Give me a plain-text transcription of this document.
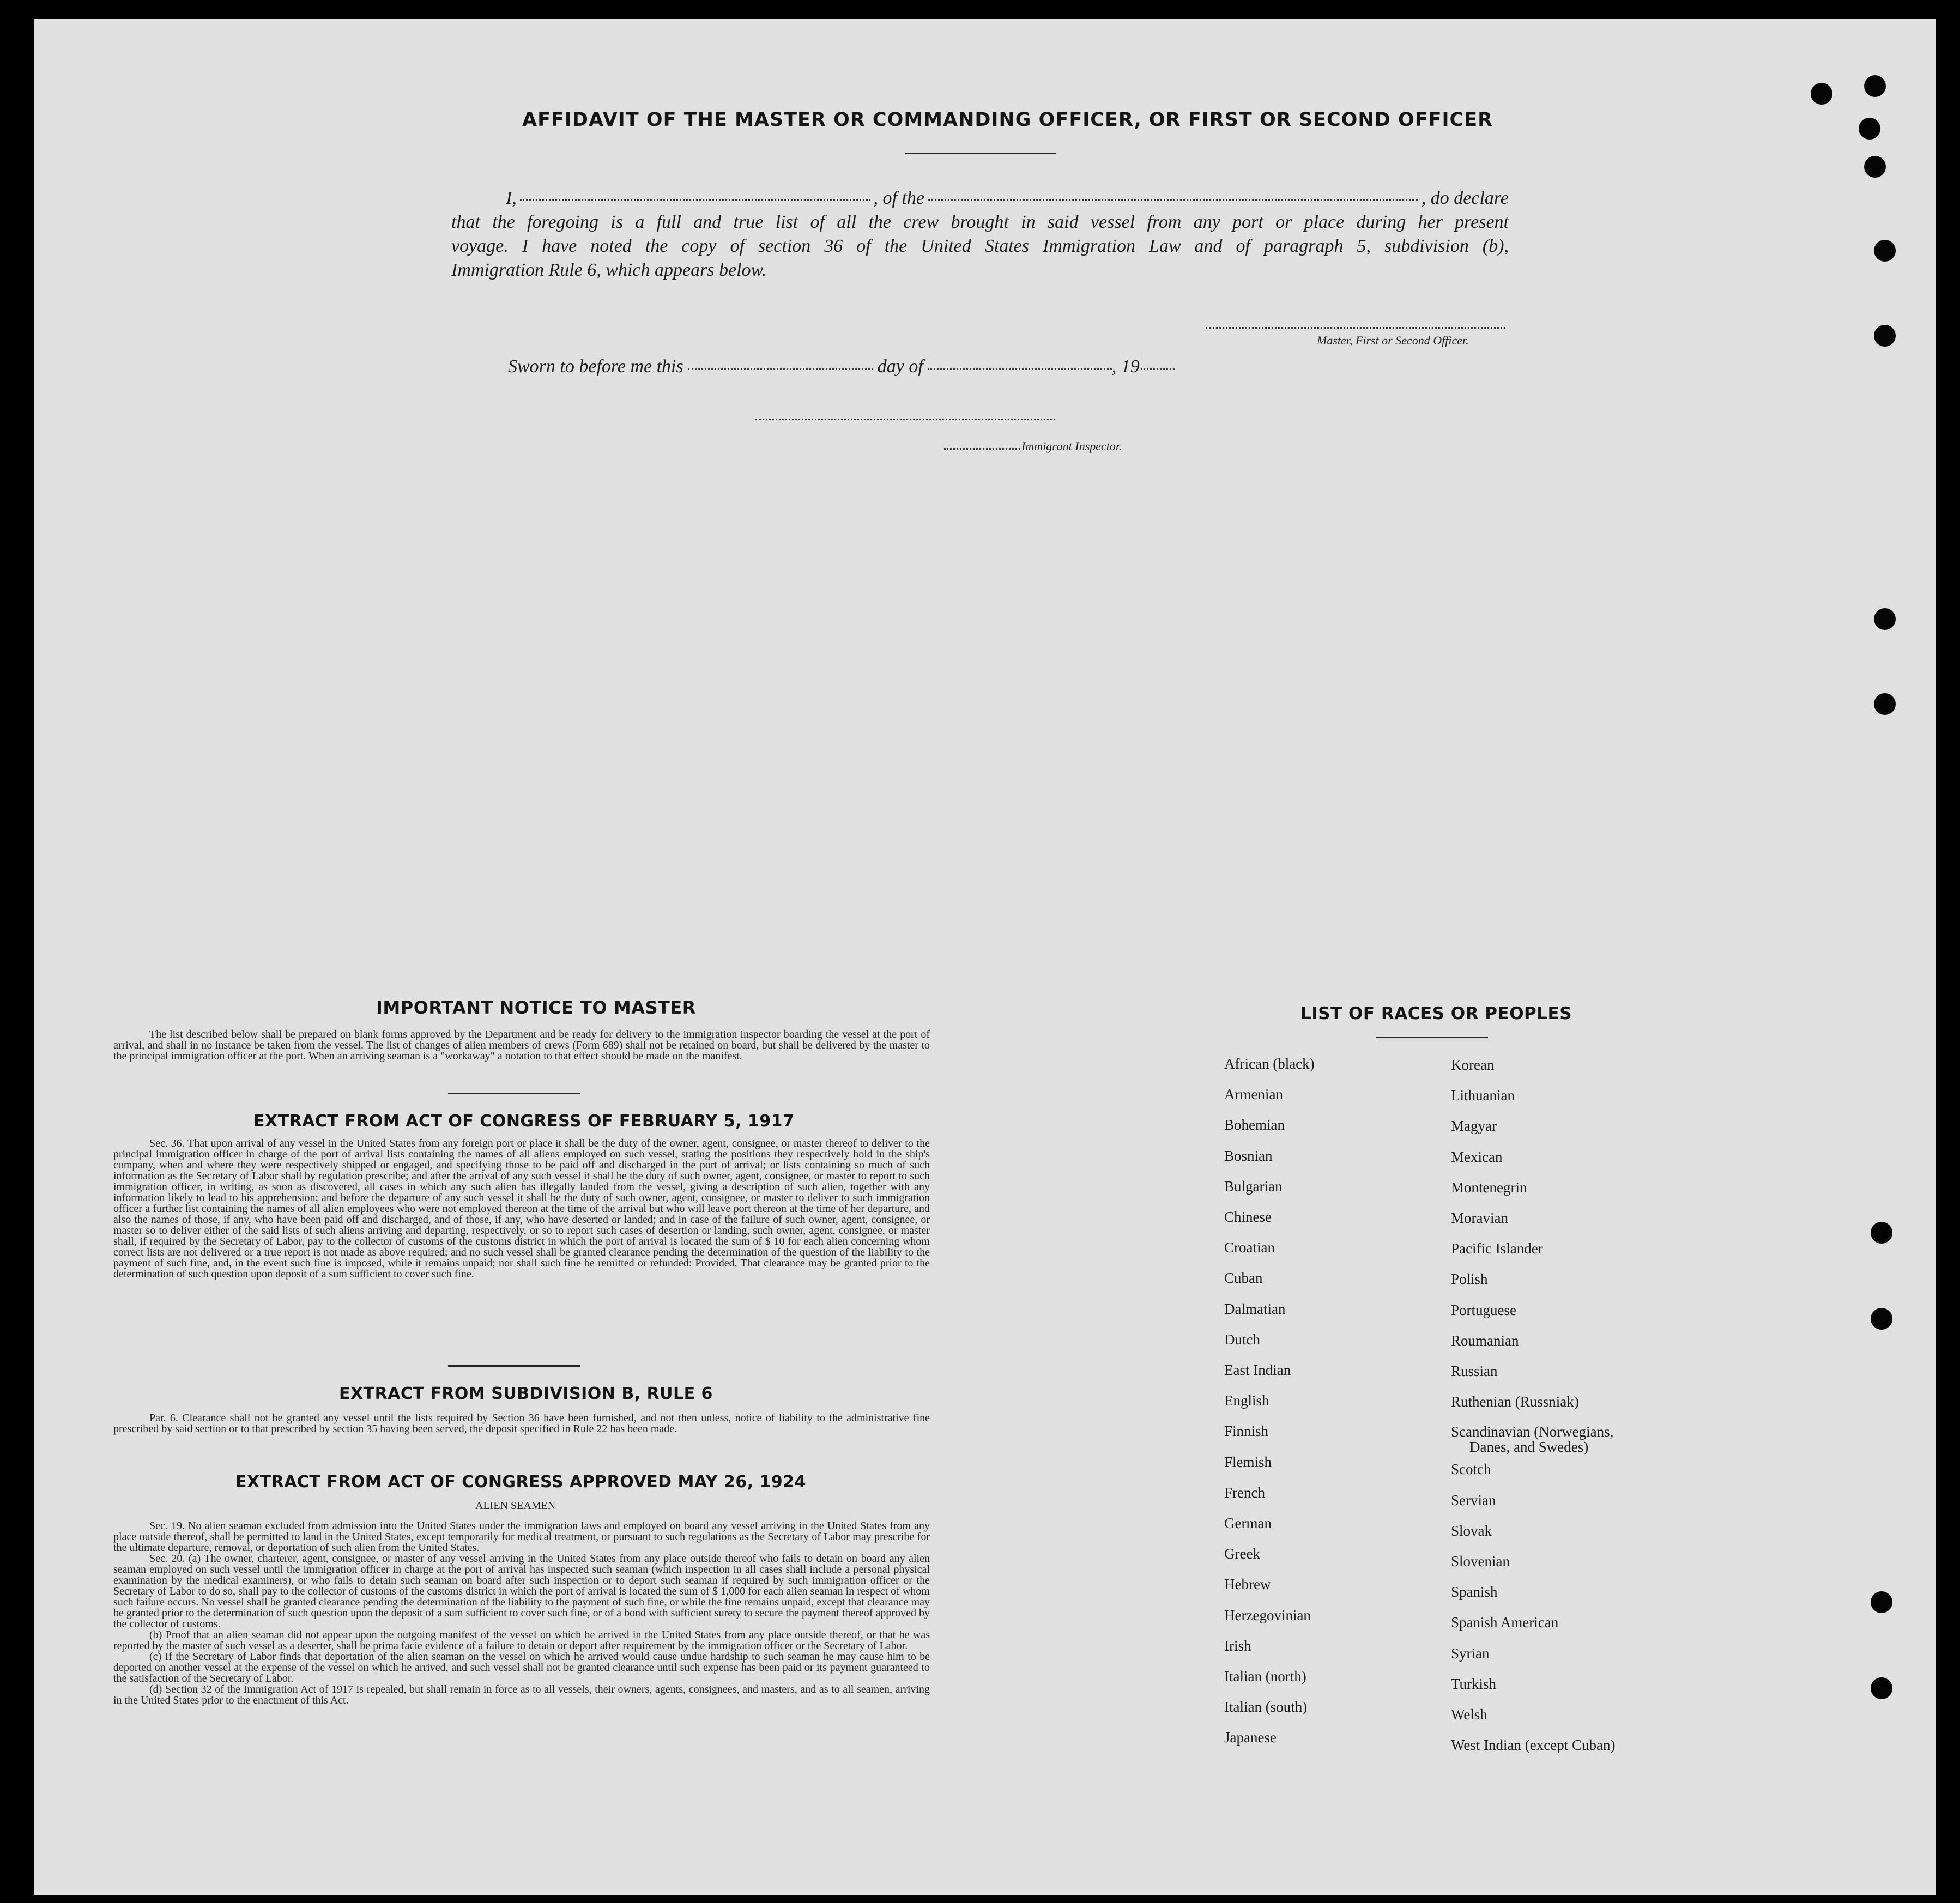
AFFIDAVIT OF THE MASTER OR COMMANDING OFFICER, OR FIRST OR SECOND OFFICER
I,	, of the	, do declare
that the foregoing is a full and true list of all the crew brought in said vessel from any port or place during her present
voyage. I have noted the copy of section 36 of the United States Immigration Law and of paragraph 5, subdivision (b),
Immigration Rule 6, which appears below.
Master, First or Second Officer.
Sworn to before me this	day of	, 19
Immigrant Inspector.
IMPORTANT NOTICE TO MASTER

The list described below shall be prepared on blank forms approved by the Department and be ready for delivery to the immigration inspector boarding the vessel at the port of arrival, and shall in no instance be taken from the vessel. The list of changes of alien members of crews (Form 689) shall not be retained on board, but shall be delivered by the master to the principal immigration officer at the port. When an arriving seaman is a "workaway" a notation to that effect should be made on the manifest.

EXTRACT FROM ACT OF CONGRESS OF FEBRUARY 5, 1917

Sec. 36. That upon arrival of any vessel in the United States from any foreign port or place it shall be the duty of the owner, agent, consignee, or master thereof to deliver to the principal immigration officer in charge of the port of arrival lists containing the names of all aliens employed on such vessel, stating the positions they respectively hold in the ship's company, when and where they were respectively shipped or engaged, and specifying those to be paid off and discharged in the port of arrival; or lists containing so much of such information as the Secretary of Labor shall by regulation prescribe; and after the arrival of any such vessel it shall be the duty of such owner, agent, consignee, or master to report to such immigration officer, in writing, as soon as discovered, all cases in which any such alien has illegally landed from the vessel, giving a description of such alien, together with any information likely to lead to his apprehension; and before the departure of any such vessel it shall be the duty of such owner, agent, consignee, or master to deliver to such immigration officer a further list containing the names of all alien employees who were not employed thereon at the time of the arrival but who will leave port thereon at the time of her departure, and also the names of those, if any, who have been paid off and discharged, and of those, if any, who have deserted or landed; and in case of the failure of such owner, agent, consignee, or master so to deliver either of the said lists of such aliens arriving and departing, respectively, or so to report such cases of desertion or landing, such owner, agent, consignee, or master shall, if required by the Secretary of Labor, pay to the collector of customs of the customs district in which the port of arrival is located the sum of $ 10 for each alien concerning whom correct lists are not delivered or a true report is not made as above required; and no such vessel shall be granted clearance pending the determination of the question of the liability to the payment of such fine, and, in the event such fine is imposed, while it remains unpaid; nor shall such fine be remitted or refunded: Provided, That clearance may be granted prior to the determination of such question upon deposit of a sum sufficient to cover such fine.

EXTRACT FROM SUBDIVISION B, RULE 6

Par. 6. Clearance shall not be granted any vessel until the lists required by Section 36 have been furnished, and not then unless, notice of liability to the administrative fine prescribed by said section or to that prescribed by section 35 having been served, the deposit specified in Rule 22 has been made.

EXTRACT FROM ACT OF CONGRESS APPROVED MAY 26, 1924
ALIEN SEAMEN

Sec. 19. No alien seaman excluded from admission into the United States under the immigration laws and employed on board any vessel arriving in the United States from any place outside thereof, shall be permitted to land in the United States, except temporarily for medical treatment, or pursuant to such regulations as the Secretary of Labor may prescribe for the ultimate departure, removal, or deportation of such alien from the United States.

Sec. 20. (a) The owner, charterer, agent, consignee, or master of any vessel arriving in the United States from any place outside thereof who fails to detain on board any alien seaman employed on such vessel until the immigration officer in charge at the port of arrival has inspected such seaman (which inspection in all cases shall include a personal physical examination by the medical examiners), or who fails to detain such seaman on board after such inspection or to deport such seaman if required by such immigration officer or the Secretary of Labor to do so, shall pay to the collector of customs of the customs district in which the port of arrival is located the sum of $ 1,000 for each alien seaman in respect of whom such failure occurs. No vessel shall be granted clearance pending the determination of the liability to the payment of such fine, or while the fine remains unpaid, except that clearance may be granted prior to the determination of such question upon the deposit of a sum sufficient to cover such fine, or of a bond with sufficient surety to secure the payment thereof approved by the collector of customs.

(b) Proof that an alien seaman did not appear upon the outgoing manifest of the vessel on which he arrived in the United States from any place outside thereof, or that he was reported by the master of such vessel as a deserter, shall be prima facie evidence of a failure to detain or deport after requirement by the immigration officer or the Secretary of Labor.

(c) If the Secretary of Labor finds that deportation of the alien seaman on the vessel on which he arrived would cause undue hardship to such seaman he may cause him to be deported on another vessel at the expense of the vessel on which he arrived, and such vessel shall not be granted clearance until such expense has been paid or its payment guaranteed to the satisfaction of the Secretary of Labor.

(d) Section 32 of the Immigration Act of 1917 is repealed, but shall remain in force as to all vessels, their owners, agents, consignees, and masters, and as to all seamen, arriving in the United States prior to the enactment of this Act.

LIST OF RACES OR PEOPLES
African (black)
Armenian
Bohemian
Bosnian
Bulgarian
Chinese
Croatian
Cuban
Dalmatian
Dutch
East Indian
English
Finnish
Flemish
French
German
Greek
Hebrew
Herzegovinian
Irish
Italian (north)
Italian (south)
Japanese
Korean
Lithuanian
Magyar
Mexican
Montenegrin
Moravian
Pacific Islander
Polish
Portuguese
Roumanian
Russian
Ruthenian (Russniak)
Scandinavian (Norwegians,
Danes, and Swedes)
Scotch
Servian
Slovak
Slovenian
Spanish
Spanish American
Syrian
Turkish
Welsh
West Indian (except Cuban)
